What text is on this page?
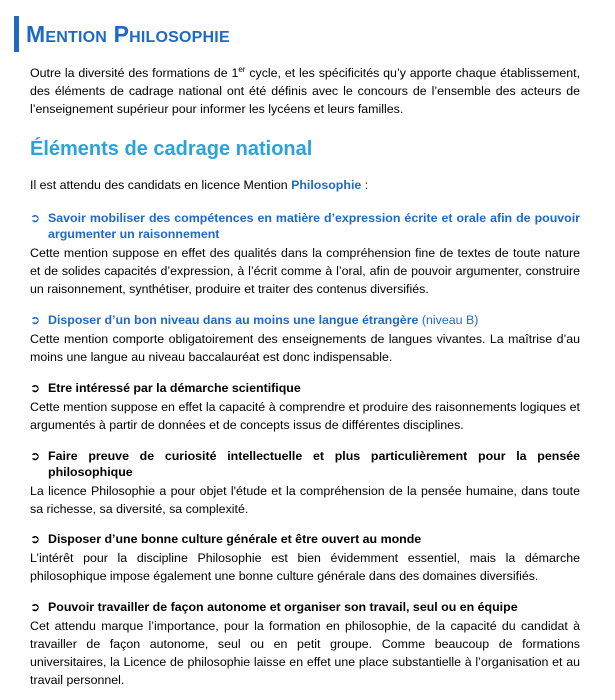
Mention Philosophie

Outre la diversité des formations de 1er cycle, et les spécificités qu’y apporte chaque établissement, des éléments de cadrage national ont été définis avec le concours de l’ensemble des acteurs de l’enseignement supérieur pour informer les lycéens et leurs familles.

Éléments de cadrage national

Il est attendu des candidats en licence Mention Philosophie :

➲ Savoir mobiliser des compétences en matière d’expression écrite et orale afin de pouvoir argumenter un raisonnement

Cette mention suppose en effet des qualités dans la compréhension fine de textes de toute nature et de solides capacités d’expression, à l’écrit comme à l’oral, afin de pouvoir argumenter, construire un raisonnement, synthétiser, produire et traiter des contenus diversifiés.

➲ Disposer d’un bon niveau dans au moins une langue étrangère (niveau B)

Cette mention comporte obligatoirement des enseignements de langues vivantes. La maîtrise d’au moins une langue au niveau baccalauréat est donc indispensable.

➲ Etre intéressé par la démarche scientifique

Cette mention suppose en effet la capacité à comprendre et produire des raisonnements logiques et argumentés à partir de données et de concepts issus de différentes disciplines.

➲ Faire preuve de curiosité intellectuelle et plus particulièrement pour la pensée philosophique

La licence Philosophie a pour objet l'étude et la compréhension de la pensée humaine, dans toute sa richesse, sa diversité, sa complexité.

➲ Disposer d’une bonne culture générale et être ouvert au monde

L’intérêt pour la discipline Philosophie est bien évidemment essentiel, mais la démarche philosophique impose également une bonne culture générale dans des domaines diversifiés.

➲ Pouvoir travailler de façon autonome et organiser son travail, seul ou en équipe

Cet attendu marque l’importance, pour la formation en philosophie, de la capacité du candidat à travailler de façon autonome, seul ou en petit groupe. Comme beaucoup de formations universitaires, la Licence de philosophie laisse en effet une place substantielle à l’organisation et au travail personnel.
